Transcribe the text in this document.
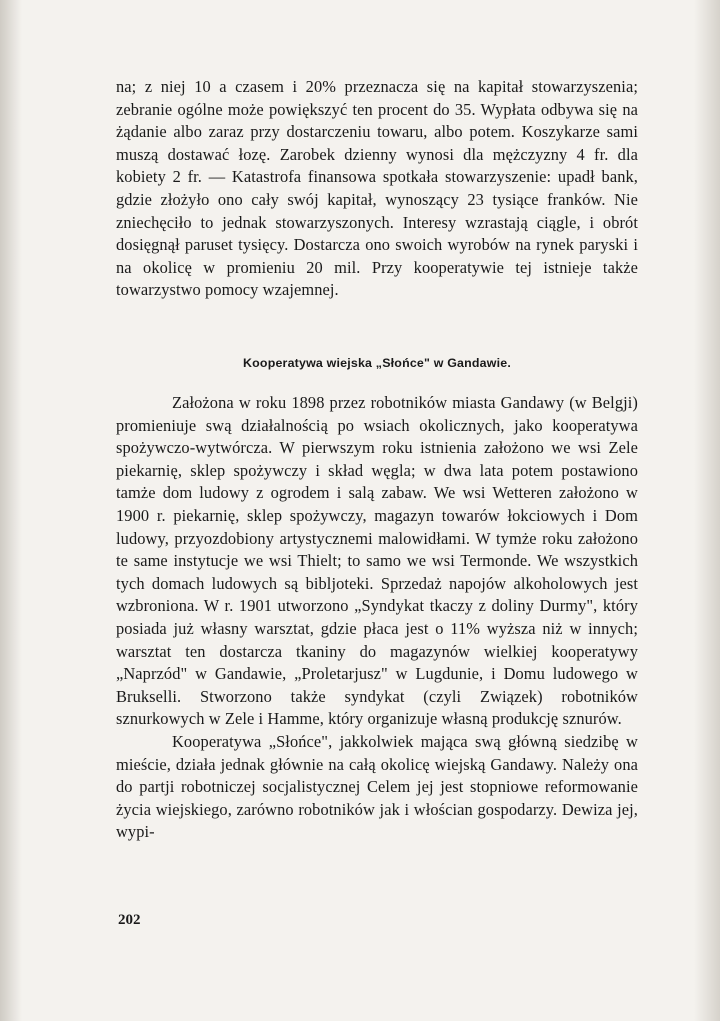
na; z niej 10 a czasem i 20% przeznacza się na kapitał stowarzyszenia; zebranie ogólne może powiększyć ten procent do 35. Wypłata odbywa się na żądanie albo zaraz przy dostarczeniu towaru, albo potem. Koszykarze sami muszą dostawać łozę. Zarobek dzienny wynosi dla mężczyzny 4 fr. dla kobiety 2 fr. — Katastrofa finansowa spotkała stowarzyszenie: upadł bank, gdzie złożyło ono cały swój kapitał, wynoszący 23 tysiące franków. Nie zniechęciło to jednak stowarzyszonych. Interesy wzrastają ciągle, i obrót dosięgnął paruset tysięcy. Dostarcza ono swoich wyrobów na rynek paryski i na okolicę w promieniu 20 mil. Przy kooperatywie tej istnieje także towarzystwo pomocy wzajemnej.

Kooperatywa wiejska „Słońce" w Gandawie.

Założona w roku 1898 przez robotników miasta Gandawy (w Belgji) promieniuje swą działalnością po wsiach okolicznych, jako kooperatywa spożywczo-wytwórcza. W pierwszym roku istnienia założono we wsi Zele piekarnię, sklep spożywczy i skład węgla; w dwa lata potem postawiono tamże dom ludowy z ogrodem i salą zabaw. We wsi Wetteren założono w 1900 r. piekarnię, sklep spożywczy, magazyn towarów łokciowych i Dom ludowy, przyozdobiony artystycznemi malowidłami. W tymże roku założono te same instytucje we wsi Thielt; to samo we wsi Termonde. We wszystkich tych domach ludowych są bibljoteki. Sprzedaż napojów alkoholowych jest wzbroniona. W r. 1901 utworzono „Syndykat tkaczy z doliny Durmy", który posiada już własny warsztat, gdzie płaca jest o 11% wyższa niż w innych; warsztat ten dostarcza tkaniny do magazynów wielkiej kooperatywy „Naprzód" w Gandawie, „Proletarjusz" w Lugdunie, i Domu ludowego w Brukselli. Stworzono także syndykat (czyli Związek) robotników sznurkowych w Zele i Hamme, który organizuje własną produkcję sznurów.

Kooperatywa „Słońce", jakkolwiek mająca swą główną siedzibę w mieście, działa jednak głównie na całą okolicę wiejską Gandawy. Należy ona do partji robotniczej socjalistycznej Celem jej jest stopniowe reformowanie życia wiejskiego, zarówno robotników jak i włościan gospodarzy. Dewiza jej, wypi-

202
